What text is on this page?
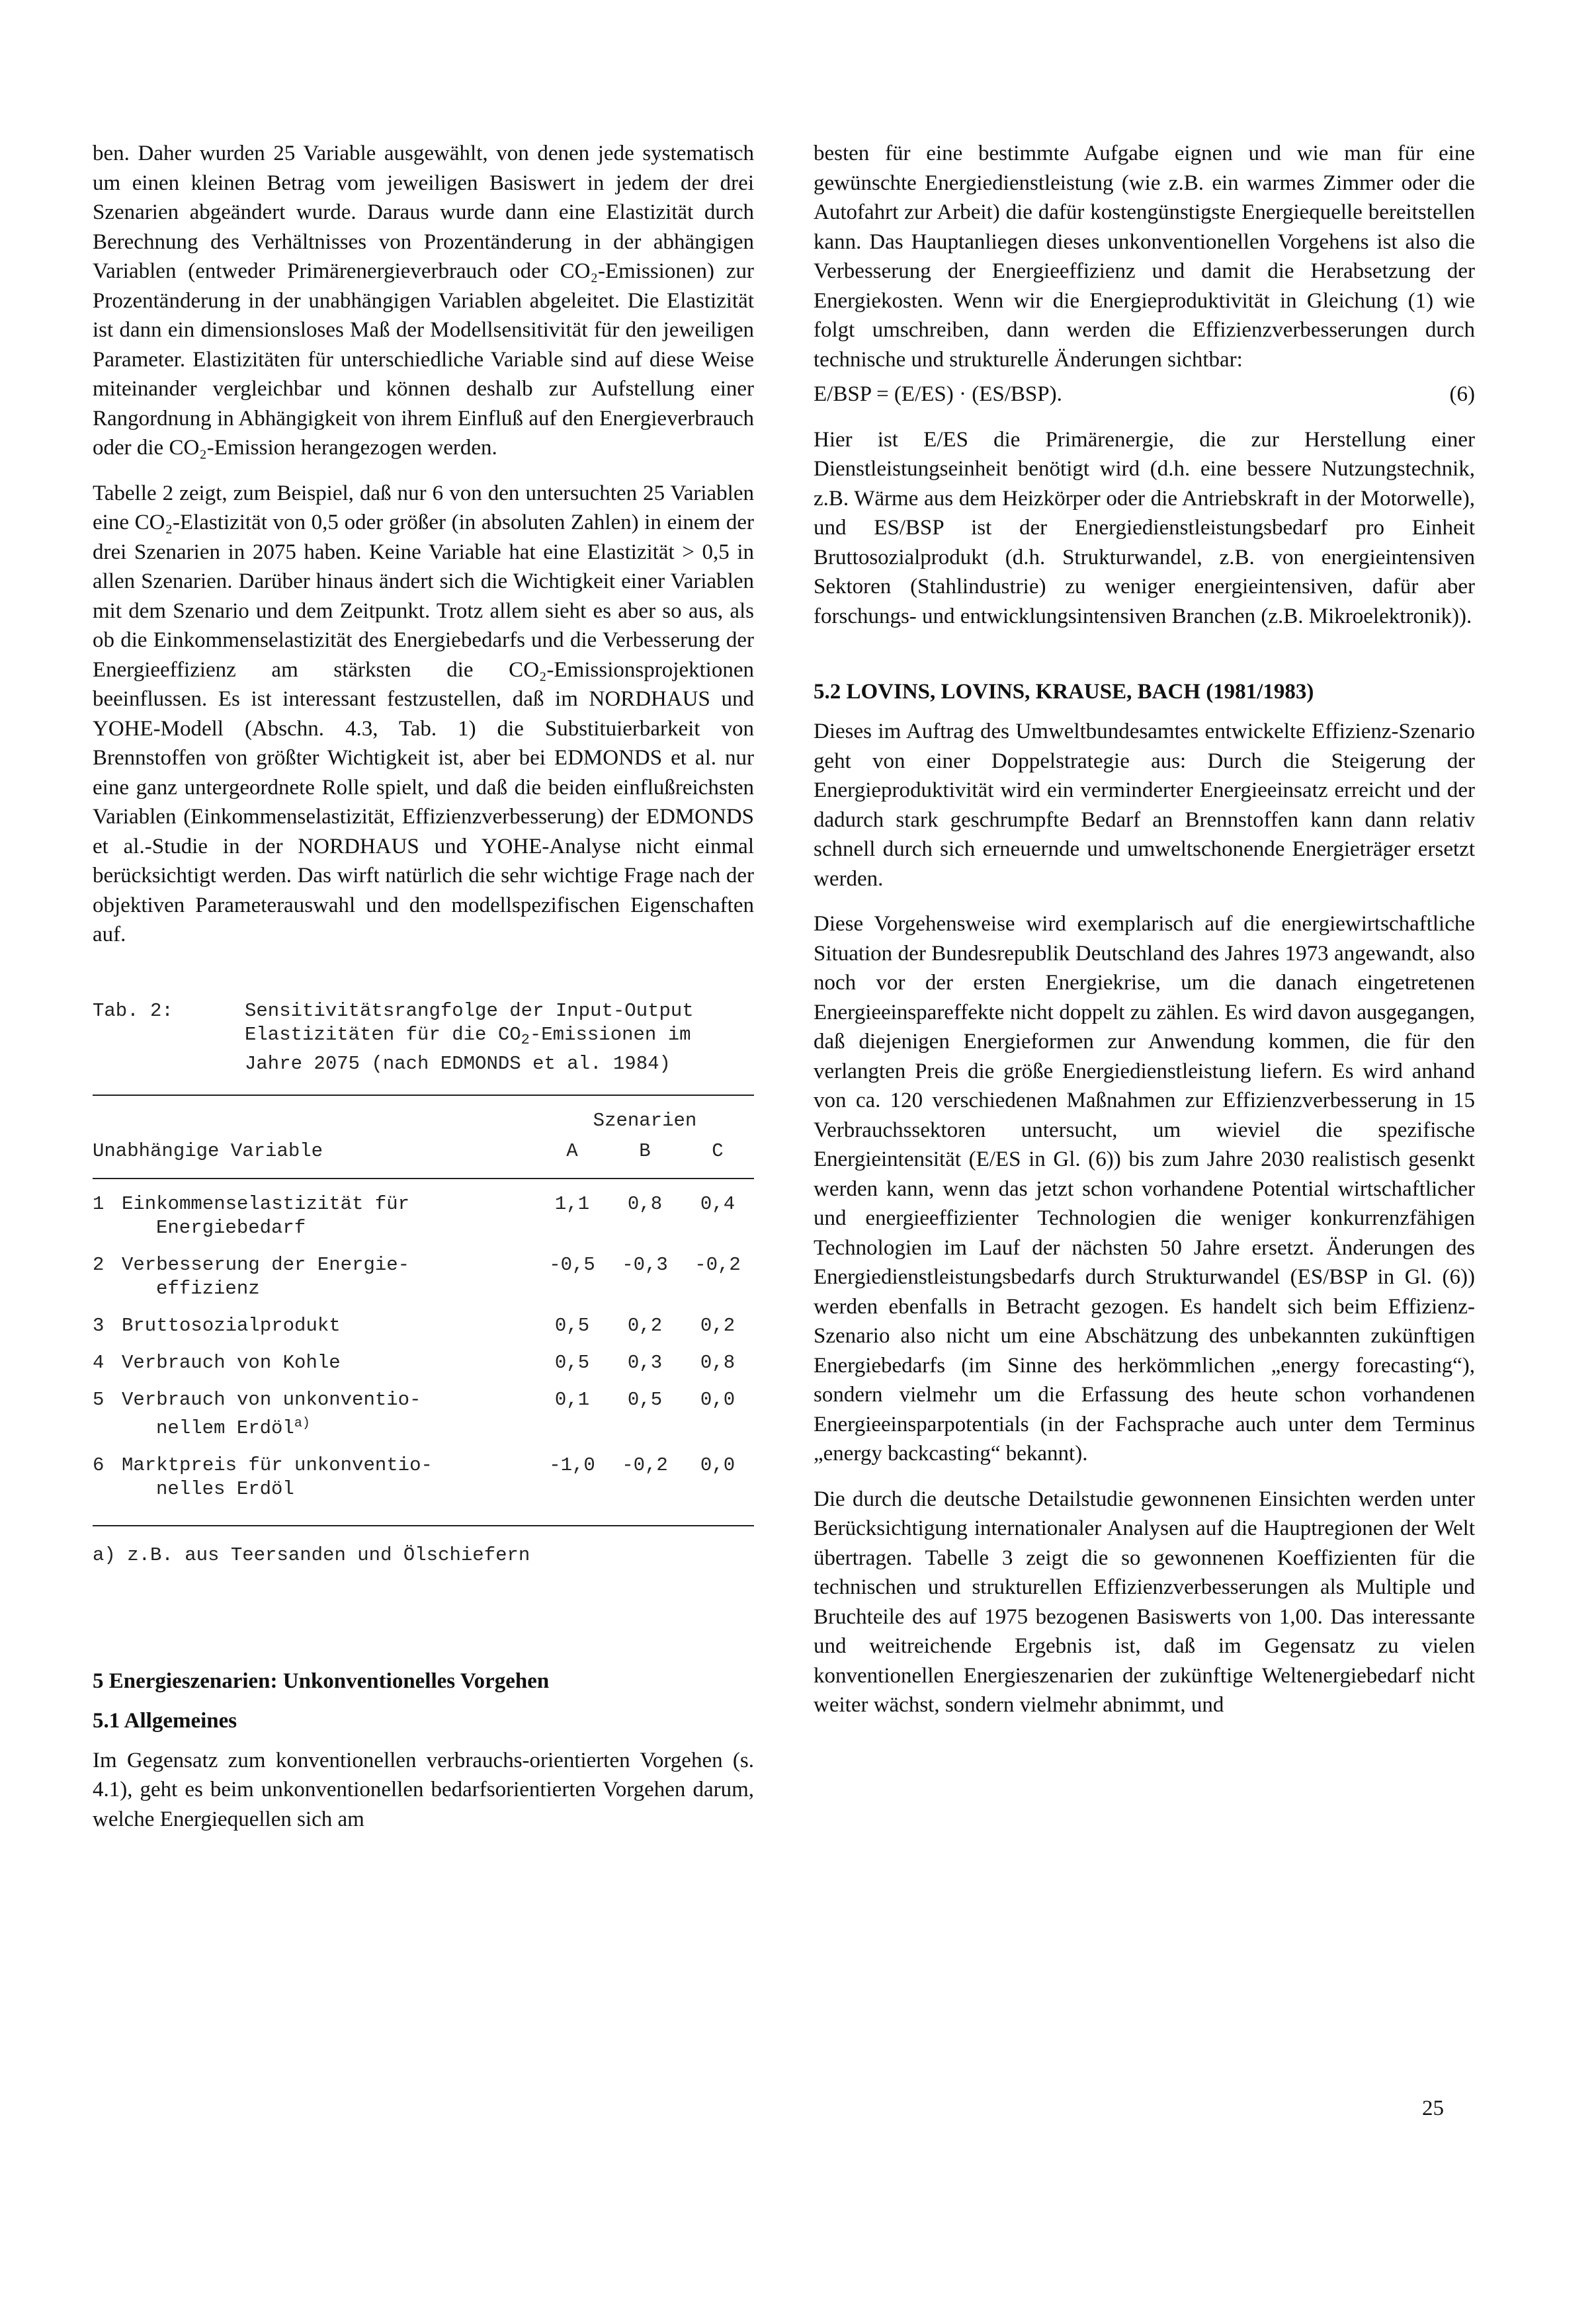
ben. Daher wurden 25 Variable ausgewählt, von denen jede systematisch um einen kleinen Betrag vom jeweiligen Basiswert in jedem der drei Szenarien abgeändert wurde. Daraus wurde dann eine Elastizität durch Berechnung des Verhältnisses von Prozentänderung in der abhängigen Variablen (entweder Primärenergieverbrauch oder CO₂-Emissionen) zur Prozentänderung in der unabhängigen Variablen abgeleitet. Die Elastizität ist dann ein dimensionsloses Maß der Modellsensitivität für den jeweiligen Parameter. Elastizitäten für unterschiedliche Variable sind auf diese Weise miteinander vergleichbar und können deshalb zur Aufstellung einer Rangordnung in Abhängigkeit von ihrem Einfluß auf den Energieverbrauch oder die CO₂-Emission herangezogen werden.

Tabelle 2 zeigt, zum Beispiel, daß nur 6 von den untersuchten 25 Variablen eine CO₂-Elastizität von 0,5 oder größer (in absoluten Zahlen) in einem der drei Szenarien in 2075 haben. Keine Variable hat eine Elastizität > 0,5 in allen Szenarien. Darüber hinaus ändert sich die Wichtigkeit einer Variablen mit dem Szenario und dem Zeitpunkt. Trotz allem sieht es aber so aus, als ob die Einkommenselastizität des Energiebedarfs und die Verbesserung der Energieeffizienz am stärksten die CO₂-Emissionsprojektionen beeinflussen. Es ist interessant festzustellen, daß im NORDHAUS und YOHE-Modell (Abschn. 4.3, Tab. 1) die Substituierbarkeit von Brennstoffen von größter Wichtigkeit ist, aber bei EDMONDS et al. nur eine ganz untergeordnete Rolle spielt, und daß die beiden einflußreichsten Variablen (Einkommenselastizität, Effizienzverbesserung) der EDMONDS et al.-Studie in der NORDHAUS und YOHE-Analyse nicht einmal berücksichtigt werden. Das wirft natürlich die sehr wichtige Frage nach der objektiven Parameterauswahl und den modellspezifischen Eigenschaften auf.

Tab. 2:	Sensitivitätsrangfolge der Input-Output
Elastizitäten für die $CO_2$-Emissionen im
Jahre 2075 (nach EDMONDS et al. 1984)
Szenarien
Unabhängige Variable	A	B	C
1 Einkommenselastizität für
Energiebedarf
1,1	0,8	0,4
2 Verbesserung der Energie-
effizienz
-0,5	-0,3	-0,2
3 Bruttosozialprodukt	0,5	0,2	0,2
4 Verbrauch von Kohle	0,5	0,3	0,8
5 Verbrauch von unkonventio-
nellem Erdöl$^{a)}$
0,1	0,5	0,0
6 Marktpreis für unkonventio-
nelles Erdöl
-1,0	-0,2	0,0
a) z.B. aus Teersanden und Ölschiefern
5 Energieszenarien: Unkonventionelles Vorgehen
5.1 Allgemeines

Im Gegensatz zum konventionellen verbrauchs-orientierten Vorgehen (s. 4.1), geht es beim unkonventionellen bedarfsorientierten Vorgehen darum, welche Energiequellen sich am

besten für eine bestimmte Aufgabe eignen und wie man für eine gewünschte Energiedienstleistung (wie z.B. ein warmes Zimmer oder die Autofahrt zur Arbeit) die dafür kostengünstigste Energiequelle bereitstellen kann. Das Hauptanliegen dieses unkonventionellen Vorgehens ist also die Verbesserung der Energieeffizienz und damit die Herabsetzung der Energiekosten. Wenn wir die Energieproduktivität in Gleichung (1) wie folgt umschreiben, dann werden die Effizienzverbesserungen durch technische und strukturelle Änderungen sichtbar:

E/BSP = (E/ES) · (ES/BSP).	(6)

Hier ist E/ES die Primärenergie, die zur Herstellung einer Dienstleistungseinheit benötigt wird (d.h. eine bessere Nutzungstechnik, z.B. Wärme aus dem Heizkörper oder die Antriebskraft in der Motorwelle), und ES/BSP ist der Energiedienstleistungsbedarf pro Einheit Bruttosozialprodukt (d.h. Strukturwandel, z.B. von energieintensiven Sektoren (Stahlindustrie) zu weniger energieintensiven, dafür aber forschungs- und entwicklungsintensiven Branchen (z.B. Mikroelektronik)).

5.2 LOVINS, LOVINS, KRAUSE, BACH (1981/1983)

Dieses im Auftrag des Umweltbundesamtes entwickelte Effizienz-Szenario geht von einer Doppelstrategie aus: Durch die Steigerung der Energieproduktivität wird ein verminderter Energieeinsatz erreicht und der dadurch stark geschrumpfte Bedarf an Brennstoffen kann dann relativ schnell durch sich erneuernde und umweltschonende Energieträger ersetzt werden.

Diese Vorgehensweise wird exemplarisch auf die energiewirtschaftliche Situation der Bundesrepublik Deutschland des Jahres 1973 angewandt, also noch vor der ersten Energiekrise, um die danach eingetretenen Energieeinspareffekte nicht doppelt zu zählen. Es wird davon ausgegangen, daß diejenigen Energieformen zur Anwendung kommen, die für den verlangten Preis die größe Energiedienstleistung liefern. Es wird anhand von ca. 120 verschiedenen Maßnahmen zur Effizienzverbesserung in 15 Verbrauchssektoren untersucht, um wieviel die spezifische Energieintensität (E/ES in Gl. (6)) bis zum Jahre 2030 realistisch gesenkt werden kann, wenn das jetzt schon vorhandene Potential wirtschaftlicher und energieeffizienter Technologien die weniger konkurrenzfähigen Technologien im Lauf der nächsten 50 Jahre ersetzt. Änderungen des Energiedienstleistungsbedarfs durch Strukturwandel (ES/BSP in Gl. (6)) werden ebenfalls in Betracht gezogen. Es handelt sich beim Effizienz-Szenario also nicht um eine Abschätzung des unbekannten zukünftigen Energiebedarfs (im Sinne des herkömmlichen „energy forecasting“), sondern vielmehr um die Erfassung des heute schon vorhandenen Energieeinsparpotentials (in der Fachsprache auch unter dem Terminus „energy backcasting“ bekannt).

Die durch die deutsche Detailstudie gewonnenen Einsichten werden unter Berücksichtigung internationaler Analysen auf die Hauptregionen der Welt übertragen. Tabelle 3 zeigt die so gewonnenen Koeffizienten für die technischen und strukturellen Effizienzverbesserungen als Multiple und Bruchteile des auf 1975 bezogenen Basiswerts von 1,00. Das interessante und weitreichende Ergebnis ist, daß im Gegensatz zu vielen konventionellen Energieszenarien der zukünftige Weltenergiebedarf nicht weiter wächst, sondern vielmehr abnimmt, und

25
